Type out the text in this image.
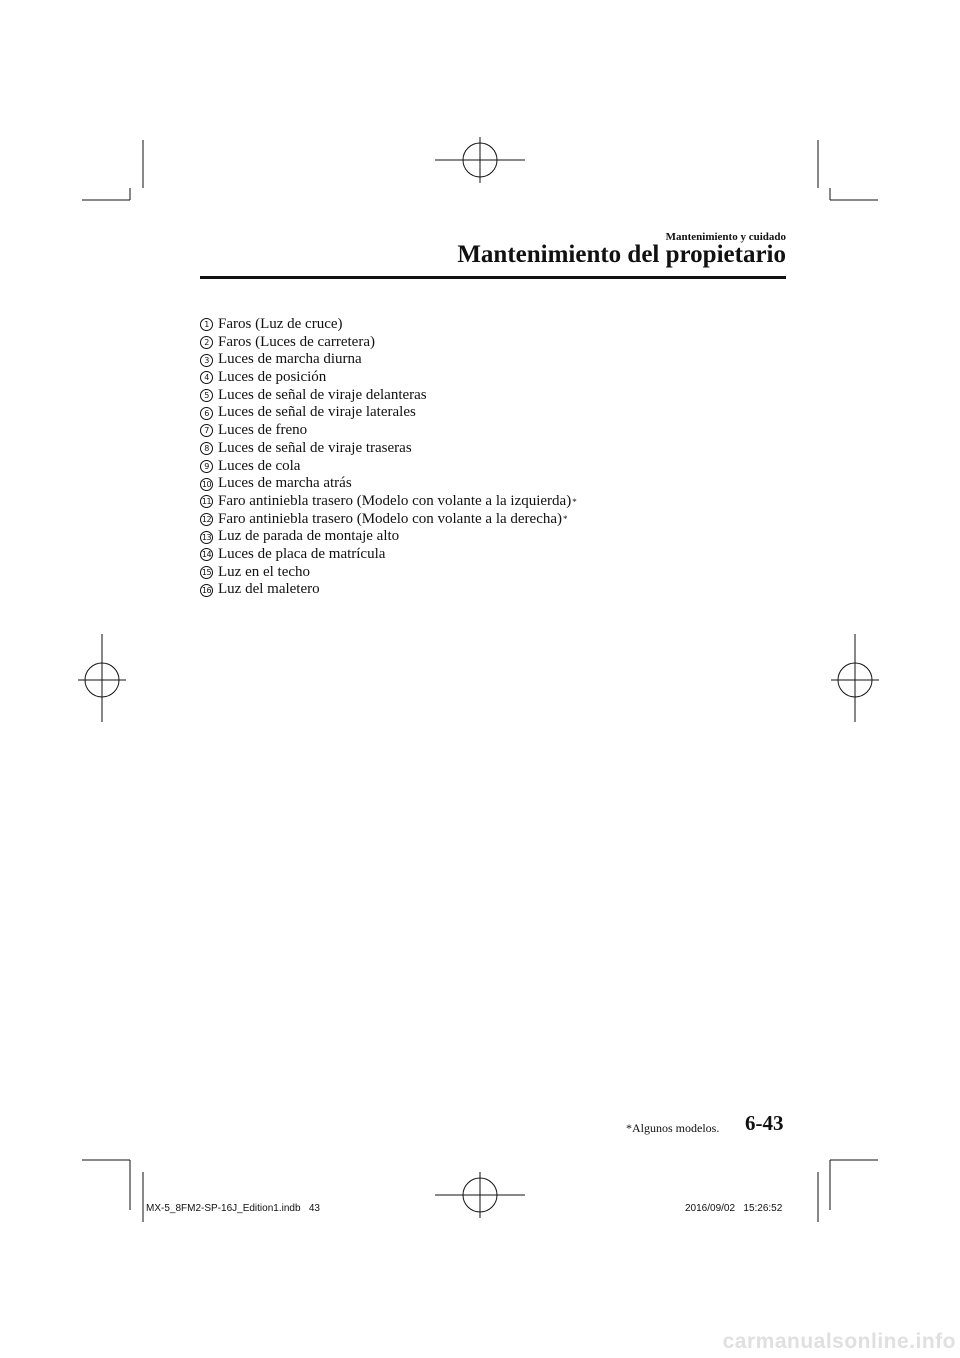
Mantenimiento y cuidado
Mantenimiento del propietario
1 Faros (Luz de cruce)
2 Faros (Luces de carretera)
3 Luces de marcha diurna
4 Luces de posición
5 Luces de señal de viraje delanteras
6 Luces de señal de viraje laterales
7 Luces de freno
8 Luces de señal de viraje traseras
9 Luces de cola
10 Luces de marcha atrás
11 Faro antiniebla trasero (Modelo con volante a la izquierda) *
12 Faro antiniebla trasero (Modelo con volante a la derecha) *
13 Luz de parada de montaje alto
14 Luces de placa de matrícula
15 Luz en el techo
16 Luz del maletero
*Algunos modelos. 6-43
MX-5_8FM2-SP-16J_Edition1.indb   43	2016/09/02   15:26:52
carmanualsonline.info
